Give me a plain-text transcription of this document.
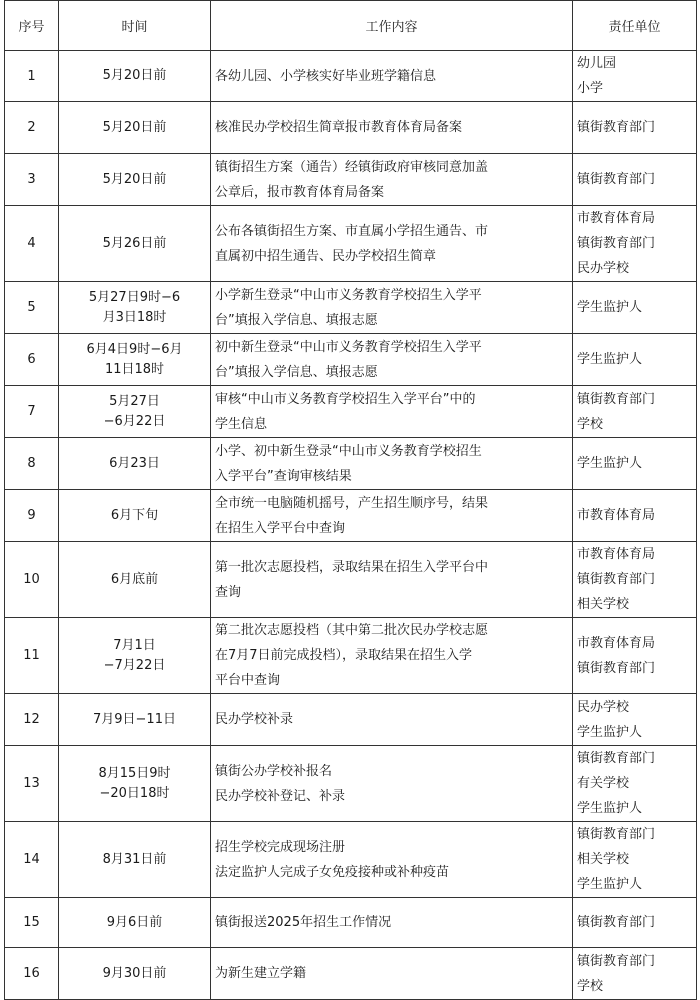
序号	时间	工作内容	责任单位
1	5月20日前	各幼儿园、小学核实好毕业班学籍信息	幼儿园
小学

2	5月20日前	核准民办学校招生简章报市教育体育局备案	镇街教育部门

3	5月20日前	镇街招生方案（通告）经镇街政府审核同意加盖
公章后，报市教育体育局备案	镇街教育部门

4	5月26日前	公布各镇街招生方案、市直属小学招生通告、市
直属初中招生通告、民办学校招生简章	市教育体育局
镇街教育部门
民办学校

5	5月27日9时−6
月3日18时	小学新生登录“中山市义务教育学校招生入学平
台”填报入学信息、填报志愿	学生监护人

6	6月4日9时−6月
11日18时	初中新生登录“中山市义务教育学校招生入学平
台”填报入学信息、填报志愿	学生监护人

7	5月27日
−6月22日	审核“中山市义务教育学校招生入学平台”中的
学生信息	镇街教育部门
学校

8	6月23日	小学、初中新生登录“中山市义务教育学校招生
入学平台”查询审核结果	学生监护人

9	6月下旬	全市统一电脑随机摇号，产生招生顺序号，结果
在招生入学平台中查询	市教育体育局

10	6月底前	第一批次志愿投档，录取结果在招生入学平台中
查询	市教育体育局
镇街教育部门
相关学校

11	7月1日
−7月22日	第二批次志愿投档（其中第二批次民办学校志愿
在7月7日前完成投档），录取结果在招生入学
平台中查询	市教育体育局
镇街教育部门

12	7月9日−11日	民办学校补录	民办学校
学生监护人

13	8月15日9时
−20日18时	镇街公办学校补报名
民办学校补登记、补录	镇街教育部门
有关学校
学生监护人

14	8月31日前	招生学校完成现场注册
法定监护人完成子女免疫接种或补种疫苗	镇街教育部门
相关学校
学生监护人

15	9月6日前	镇街报送2025年招生工作情况	镇街教育部门

16	9月30日前	为新生建立学籍	镇街教育部门
学校
